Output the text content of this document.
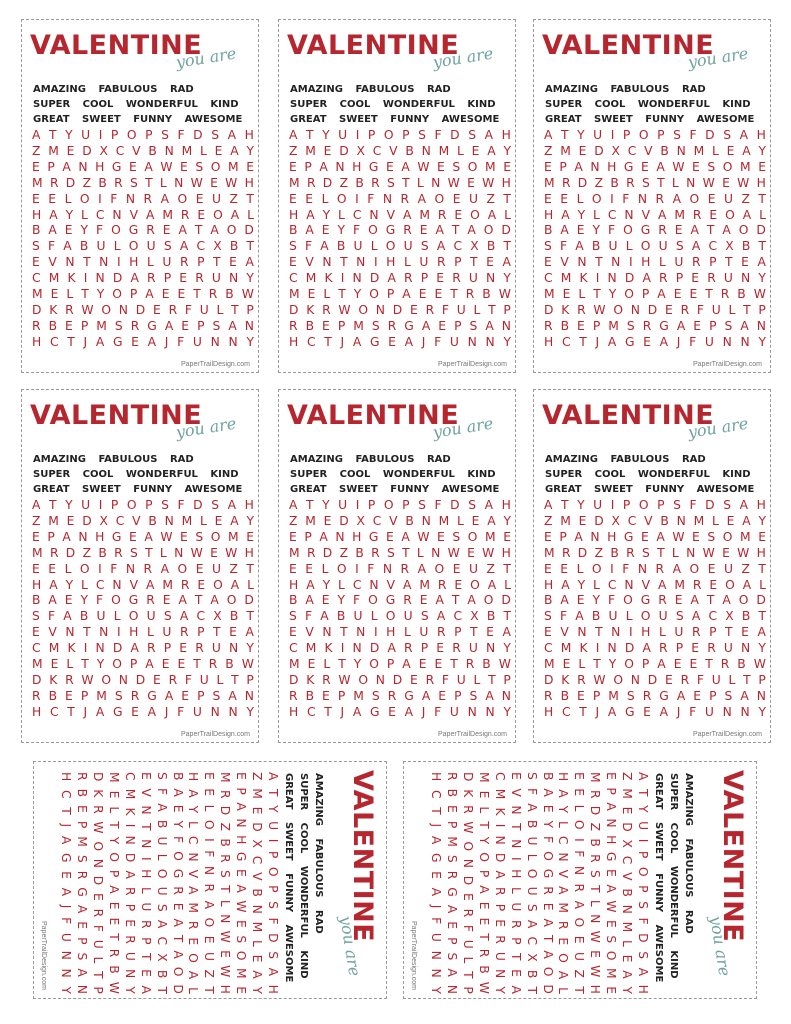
VALENTINE
you are
AMAZING FABULOUS RAD
SUPER COOL WONDERFUL KIND
GREAT SWEET FUNNY AWESOME
A T Y U I P O P S F D S A H
Z M E D X C V B N M L E A Y
E P A N H G E A W E S O M E
M R D Z B R S T L N W E W H
E E L O I F N R A O E U Z T
H A Y L C N V A M R E O A L
B A E Y F O G R E A T A O D
S F A B U L O U S A C X B T
E V N T N I H L U R P T E A
C M K I N D A R P E R U N Y
M E L T Y O P A E E T R B W
D K R W O N D E R F U L T P
R B E P M S R G A E P S A N
H C T J A G E A J F U N N Y
PaperTrailDesign.com
VALENTINE
you are
AMAZING FABULOUS RAD
SUPER COOL WONDERFUL KIND
GREAT SWEET FUNNY AWESOME
A T Y U I P O P S F D S A H
Z M E D X C V B N M L E A Y
E P A N H G E A W E S O M E
M R D Z B R S T L N W E W H
E E L O I F N R A O E U Z T
H A Y L C N V A M R E O A L
B A E Y F O G R E A T A O D
S F A B U L O U S A C X B T
E V N T N I H L U R P T E A
C M K I N D A R P E R U N Y
M E L T Y O P A E E T R B W
D K R W O N D E R F U L T P
R B E P M S R G A E P S A N
H C T J A G E A J F U N N Y
PaperTrailDesign.com
VALENTINE
you are
AMAZING FABULOUS RAD
SUPER COOL WONDERFUL KIND
GREAT SWEET FUNNY AWESOME
A T Y U I P O P S F D S A H
Z M E D X C V B N M L E A Y
E P A N H G E A W E S O M E
M R D Z B R S T L N W E W H
E E L O I F N R A O E U Z T
H A Y L C N V A M R E O A L
B A E Y F O G R E A T A O D
S F A B U L O U S A C X B T
E V N T N I H L U R P T E A
C M K I N D A R P E R U N Y
M E L T Y O P A E E T R B W
D K R W O N D E R F U L T P
R B E P M S R G A E P S A N
H C T J A G E A J F U N N Y
PaperTrailDesign.com
VALENTINE
you are
AMAZING FABULOUS RAD
SUPER COOL WONDERFUL KIND
GREAT SWEET FUNNY AWESOME
A T Y U I P O P S F D S A H
Z M E D X C V B N M L E A Y
E P A N H G E A W E S O M E
M R D Z B R S T L N W E W H
E E L O I F N R A O E U Z T
H A Y L C N V A M R E O A L
B A E Y F O G R E A T A O D
S F A B U L O U S A C X B T
E V N T N I H L U R P T E A
C M K I N D A R P E R U N Y
M E L T Y O P A E E T R B W
D K R W O N D E R F U L T P
R B E P M S R G A E P S A N
H C T J A G E A J F U N N Y
PaperTrailDesign.com
VALENTINE
you are
AMAZING FABULOUS RAD
SUPER COOL WONDERFUL KIND
GREAT SWEET FUNNY AWESOME
A T Y U I P O P S F D S A H
Z M E D X C V B N M L E A Y
E P A N H G E A W E S O M E
M R D Z B R S T L N W E W H
E E L O I F N R A O E U Z T
H A Y L C N V A M R E O A L
B A E Y F O G R E A T A O D
S F A B U L O U S A C X B T
E V N T N I H L U R P T E A
C M K I N D A R P E R U N Y
M E L T Y O P A E E T R B W
D K R W O N D E R F U L T P
R B E P M S R G A E P S A N
H C T J A G E A J F U N N Y
PaperTrailDesign.com
VALENTINE
you are
AMAZING FABULOUS RAD
SUPER COOL WONDERFUL KIND
GREAT SWEET FUNNY AWESOME
A T Y U I P O P S F D S A H
Z M E D X C V B N M L E A Y
E P A N H G E A W E S O M E
M R D Z B R S T L N W E W H
E E L O I F N R A O E U Z T
H A Y L C N V A M R E O A L
B A E Y F O G R E A T A O D
S F A B U L O U S A C X B T
E V N T N I H L U R P T E A
C M K I N D A R P E R U N Y
M E L T Y O P A E E T R B W
D K R W O N D E R F U L T P
R B E P M S R G A E P S A N
H C T J A G E A J F U N N Y
PaperTrailDesign.com
VALENTINE
you are
AMAZING FABULOUS RAD
SUPER COOL WONDERFUL KIND
GREAT SWEET FUNNY AWESOME
A
T
Y
U
I
P
O
P
S
F
D
S
A
H
Z
M
E
D
X
C
V
B
N
M
L
E
A
Y
E
P
A
N
H
G
E
A
W
E
S
O
M
E
M
R
D
Z
B
R
S
T
L
N
W
E
W
H
E
E
L
O
I
F
N
R
A
O
E
U
Z
T
H
A
Y
L
C
N
V
A
M
R
E
O
A
L
B
A
E
Y
F
O
G
R
E
A
T
A
O
D
S
F
A
B
U
L
O
U
S
A
C
X
B
T
E
V
N
T
N
I
H
L
U
R
P
T
E
A
C
M
K
I
N
D
A
R
P
E
R
U
N
Y
M
E
L
T
Y
O
P
A
E
E
T
R
B
W
D
K
R
W
O
N
D
E
R
F
U
L
T
P
R
B
E
P
M
S
R
G
A
E
P
S
A
N
H
C
T
J
A
G
E
A
J
F
U
N
N
Y
PaperTrailDesign.com
VALENTINE
you are
AMAZING FABULOUS RAD
SUPER COOL WONDERFUL KIND
GREAT SWEET FUNNY AWESOME
A
T
Y
U
I
P
O
P
S
F
D
S
A
H
Z
M
E
D
X
C
V
B
N
M
L
E
A
Y
E
P
A
N
H
G
E
A
W
E
S
O
M
E
M
R
D
Z
B
R
S
T
L
N
W
E
W
H
E
E
L
O
I
F
N
R
A
O
E
U
Z
T
H
A
Y
L
C
N
V
A
M
R
E
O
A
L
B
A
E
Y
F
O
G
R
E
A
T
A
O
D
S
F
A
B
U
L
O
U
S
A
C
X
B
T
E
V
N
T
N
I
H
L
U
R
P
T
E
A
C
M
K
I
N
D
A
R
P
E
R
U
N
Y
M
E
L
T
Y
O
P
A
E
E
T
R
B
W
D
K
R
W
O
N
D
E
R
F
U
L
T
P
R
B
E
P
M
S
R
G
A
E
P
S
A
N
H
C
T
J
A
G
E
A
J
F
U
N
N
Y
PaperTrailDesign.com
